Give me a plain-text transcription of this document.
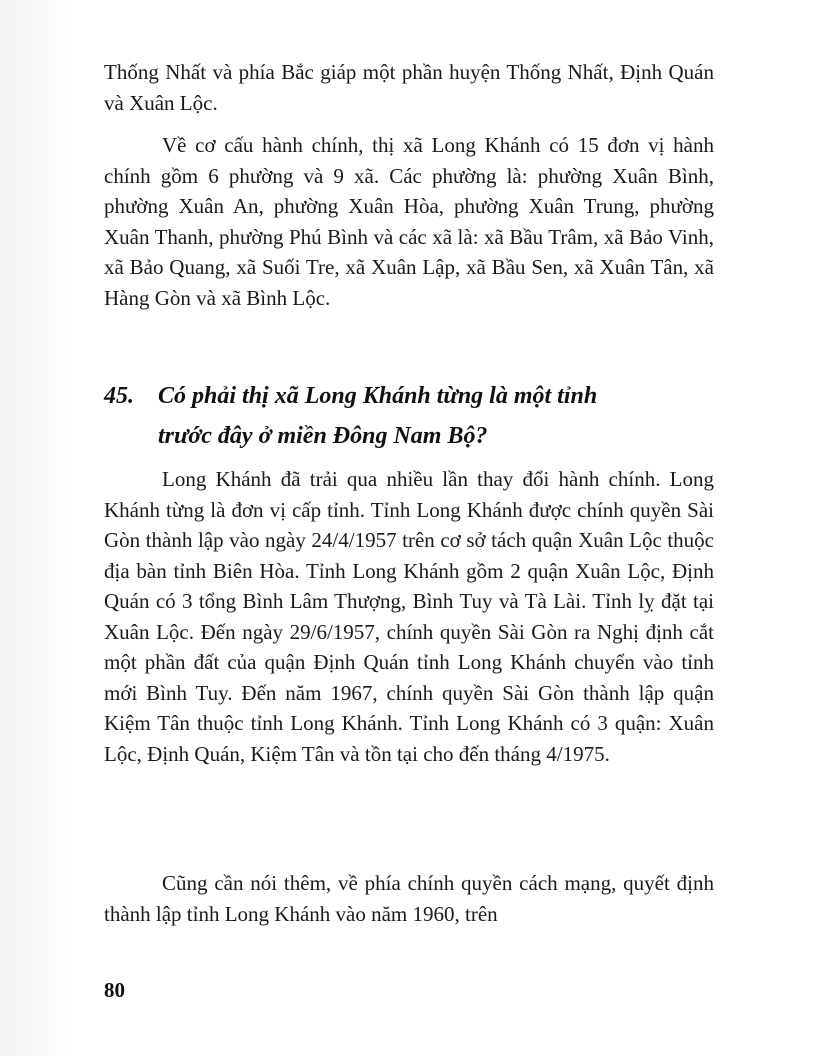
Thống Nhất và phía Bắc giáp một phần huyện Thống Nhất, Định Quán và Xuân Lộc.

Về cơ cấu hành chính, thị xã Long Khánh có 15 đơn vị hành chính gồm 6 phường và 9 xã. Các phường là: phường Xuân Bình, phường Xuân An, phường Xuân Hòa, phường Xuân Trung, phường Xuân Thanh, phường Phú Bình và các xã là: xã Bầu Trâm, xã Bảo Vinh, xã Bảo Quang, xã Suối Tre, xã Xuân Lập, xã Bầu Sen, xã Xuân Tân, xã Hàng Gòn và xã Bình Lộc.

45. Có phải thị xã Long Khánh từng là một tỉnh
trước đây ở miền Đông Nam Bộ?

Long Khánh đã trải qua nhiều lần thay đổi hành chính. Long Khánh từng là đơn vị cấp tỉnh. Tỉnh Long Khánh được chính quyền Sài Gòn thành lập vào ngày 24/4/1957 trên cơ sở tách quận Xuân Lộc thuộc địa bàn tỉnh Biên Hòa. Tỉnh Long Khánh gồm 2 quận Xuân Lộc, Định Quán có 3 tổng Bình Lâm Thượng, Bình Tuy và Tà Lài. Tỉnh lỵ đặt tại Xuân Lộc. Đến ngày 29/6/1957, chính quyền Sài Gòn ra Nghị định cắt một phần đất của quận Định Quán tỉnh Long Khánh chuyển vào tỉnh mới Bình Tuy. Đến năm 1967, chính quyền Sài Gòn thành lập quận Kiệm Tân thuộc tỉnh Long Khánh. Tỉnh Long Khánh có 3 quận: Xuân Lộc, Định Quán, Kiệm Tân và tồn tại cho đến tháng 4/1975.

Cũng cần nói thêm, về phía chính quyền cách mạng, quyết định thành lập tỉnh Long Khánh vào năm 1960, trên

80
